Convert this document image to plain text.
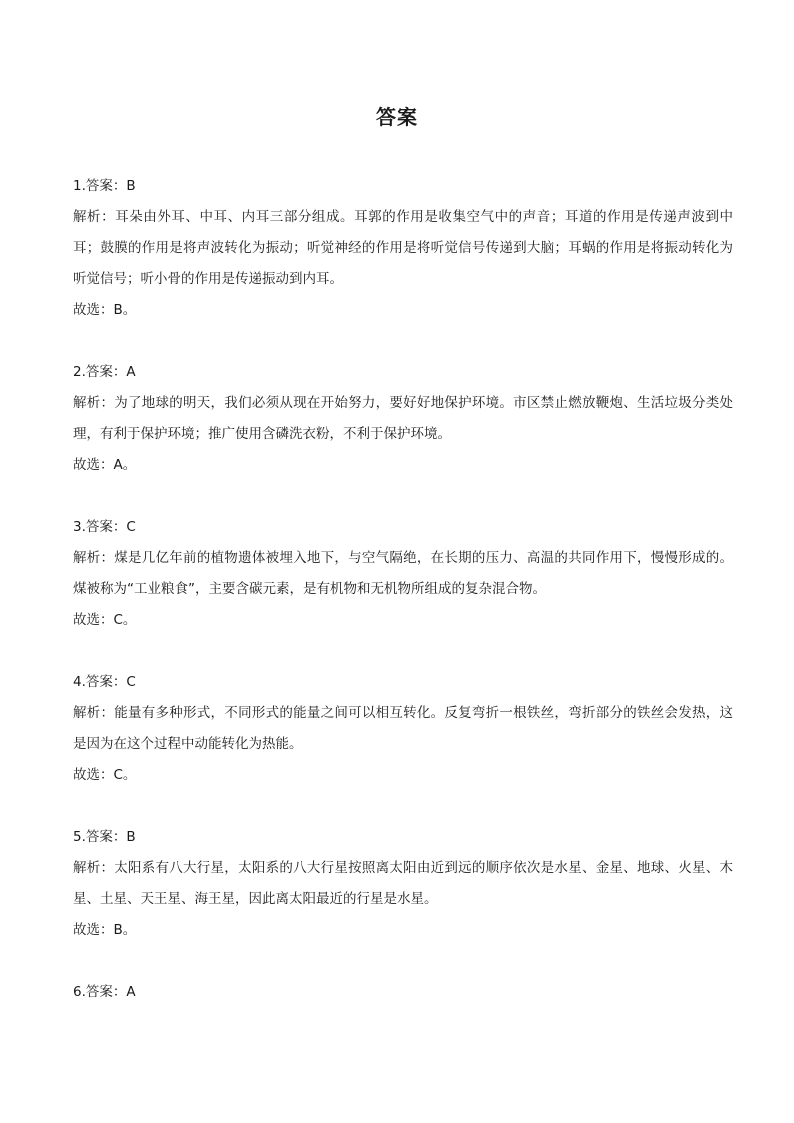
答案
1.答案：B
解析：耳朵由外耳、中耳、内耳三部分组成。耳郭的作用是收集空气中的声音；耳道的作用是传递声波到中耳；鼓膜的作用是将声波转化为振动；听觉神经的作用是将听觉信号传递到大脑；耳蜗的作用是将振动转化为听觉信号；听小骨的作用是传递振动到内耳。
故选：B。
2.答案：A
解析：为了地球的明天，我们必须从现在开始努力，要好好地保护环境。市区禁止燃放鞭炮、生活垃圾分类处理，有利于保护环境；推广使用含磷洗衣粉，不利于保护环境。
故选：A。
3.答案：C
解析：煤是几亿年前的植物遗体被埋入地下，与空气隔绝，在长期的压力、高温的共同作用下，慢慢形成的。煤被称为“工业粮食”，主要含碳元素，是有机物和无机物所组成的复杂混合物。
故选：C。
4.答案：C
解析：能量有多种形式，不同形式的能量之间可以相互转化。反复弯折一根铁丝，弯折部分的铁丝会发热，这是因为在这个过程中动能转化为热能。
故选：C。
5.答案：B
解析：太阳系有八大行星，太阳系的八大行星按照离太阳由近到远的顺序依次是水星、金星、地球、火星、木星、土星、天王星、海王星，因此离太阳最近的行星是水星。
故选：B。
6.答案：A
